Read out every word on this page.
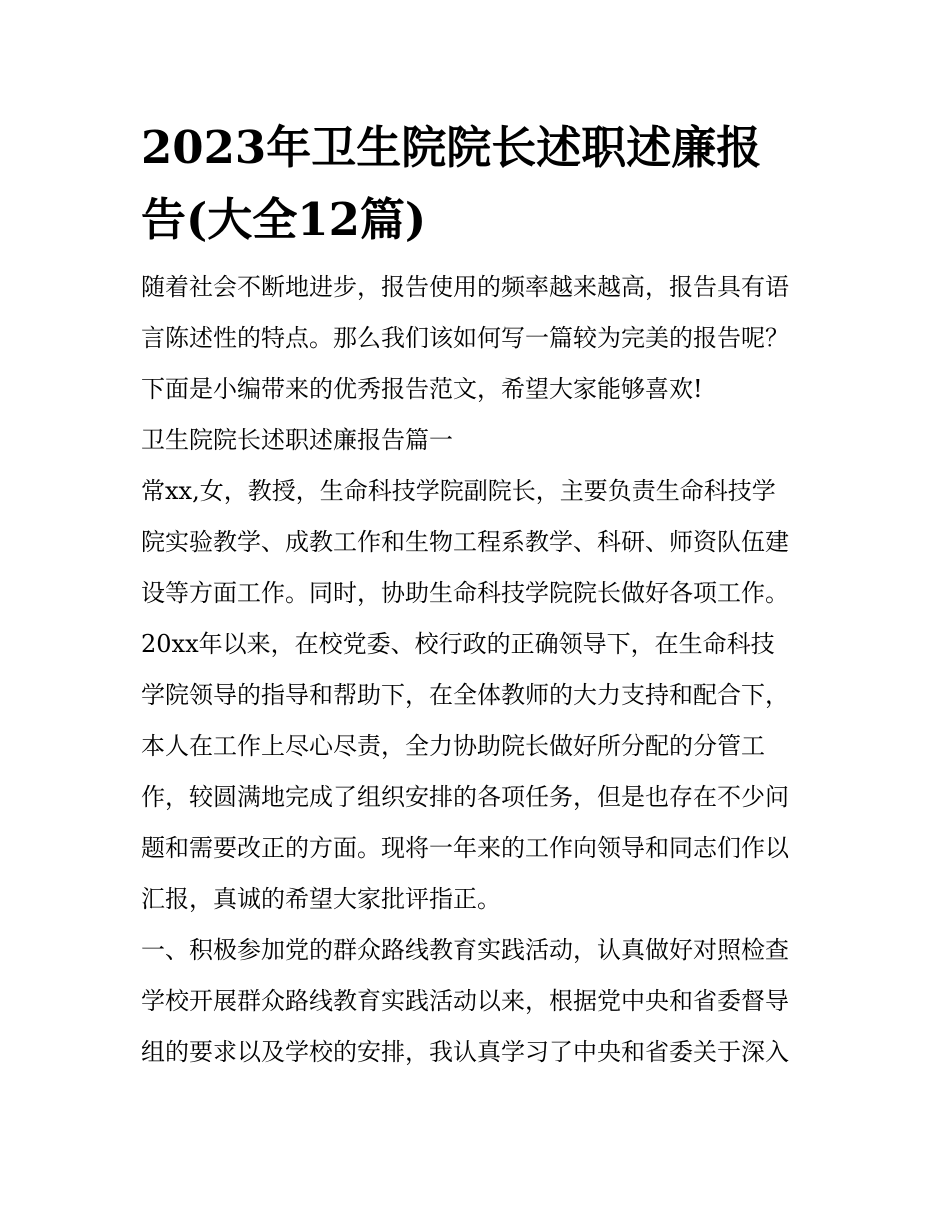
2023年卫生院院长述职述廉报
告(大全12篇)
随着社会不断地进步，报告使用的频率越来越高，报告具有语
言陈述性的特点。那么我们该如何写一篇较为完美的报告呢？
下面是小编带来的优秀报告范文，希望大家能够喜欢!
卫生院院长述职述廉报告篇一
常xx,女，教授，生命科技学院副院长，主要负责生命科技学
院实验教学、成教工作和生物工程系教学、科研、师资队伍建
设等方面工作。同时，协助生命科技学院院长做好各项工作。
20xx年以来，在校党委、校行政的正确领导下，在生命科技
学院领导的指导和帮助下，在全体教师的大力支持和配合下，
本人在工作上尽心尽责，全力协助院长做好所分配的分管工
作，较圆满地完成了组织安排的各项任务，但是也存在不少问
题和需要改正的方面。现将一年来的工作向领导和同志们作以
汇报，真诚的希望大家批评指正。
一、积极参加党的群众路线教育实践活动，认真做好对照检查
学校开展群众路线教育实践活动以来，根据党中央和省委督导
组的要求以及学校的安排，我认真学习了中央和省委关于深入
